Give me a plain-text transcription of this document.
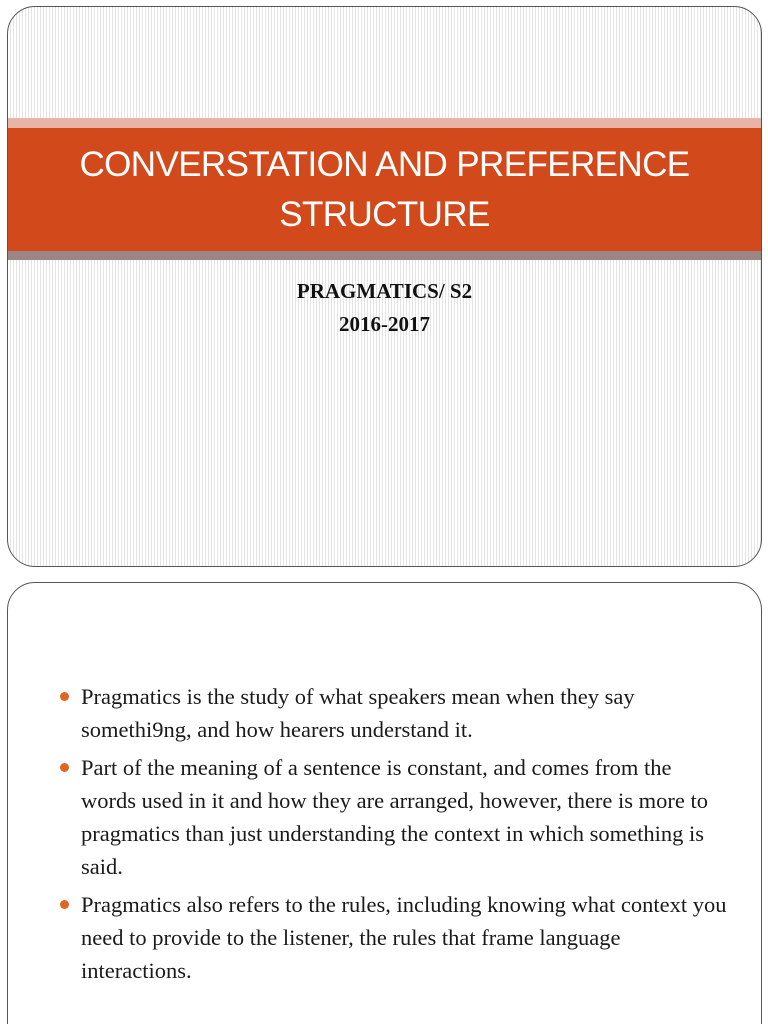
CONVERSTATION AND PREFERENCE STRUCTURE
PRAGMATICS/ S2
2016-2017
Pragmatics is the study of what speakers mean when they say somethi9ng, and how hearers understand it.
Part of the meaning of a sentence is constant, and comes from the words used in it and how they are arranged, however, there is more to pragmatics than just understanding the context in which something is said.
Pragmatics also refers to the rules, including knowing what context you need to provide to the listener, the rules that frame language interactions.
